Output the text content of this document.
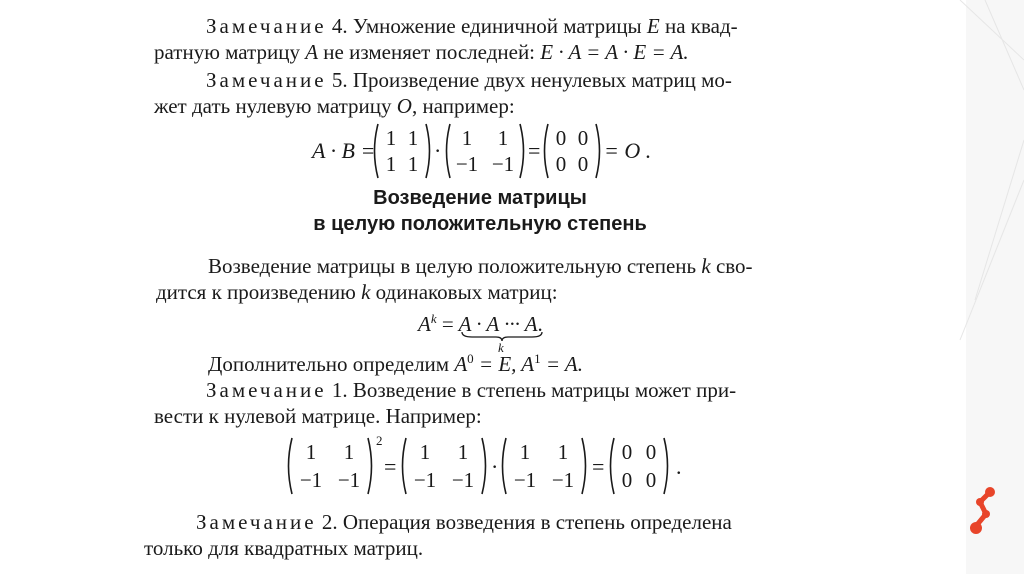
Замечание 4. Умножение единичной матрицы E на квад-
ратную матрицу A не изменяет последней: E · A = A · E = A.
Замечание 5. Произведение двух ненулевых матриц мо-
жет дать нулевую матрицу O, например:
A · B = 1 1
1 1
· 1	1
−1 −1
= 0 0
0 0
= O .
Возведение матрицы
в целую положительную степень
Возведение матрицы в целую положительную степень k сво-
дится к произведению k одинаковых матриц:
$A^k = A \cdot A$ ··· A.
k
Дополнительно определим $A^0 = E$, $A^1 = A$.
Замечание 1. Возведение в степень матрицы может при-
вести к нулевой матрице. Например:
1	1
−1 −1
2
=
1	1
−1 −1
·
1	1
−1 −1
=
0 0
0 0
.
Замечание 2. Операция возведения в степень определена
только для квадратных матриц.
